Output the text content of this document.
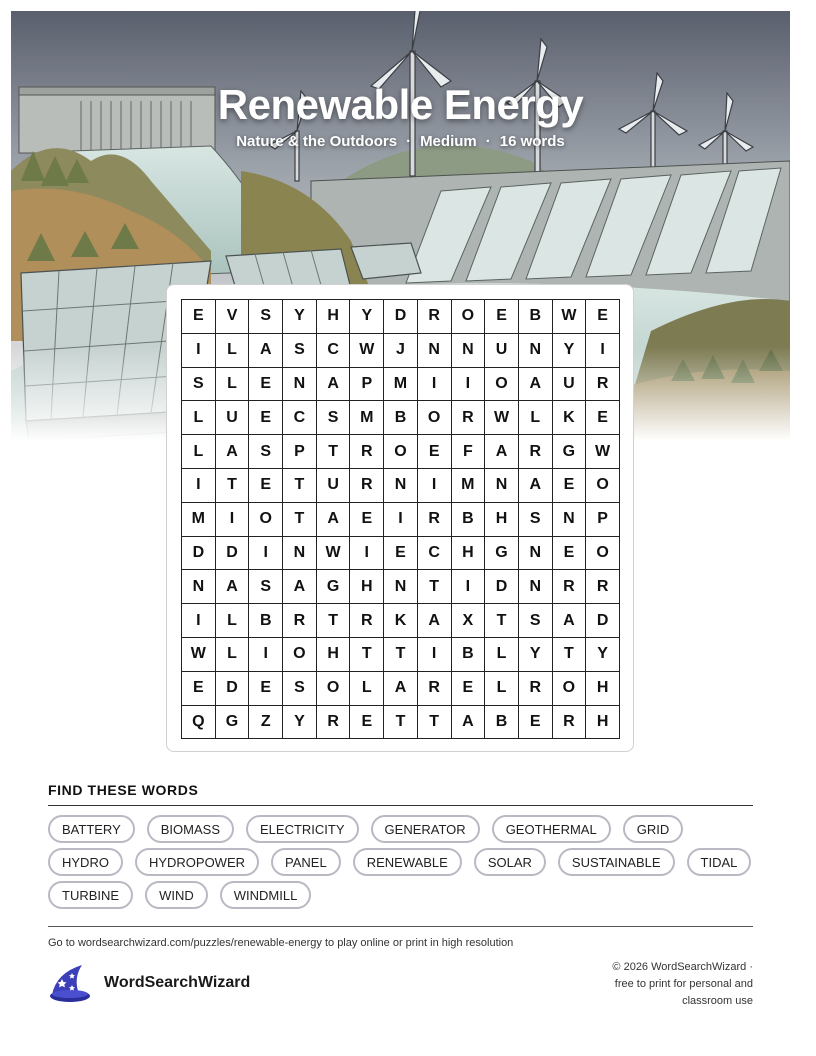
Renewable Energy
Nature & the Outdoors · Medium · 16 words
E	V	S	Y	H	Y	D	R	O	E	B	W	E
I	L	A	S	C	W	J	N	N	U	N	Y	I
S	L	E	N	A	P	M	I	I	O	A	U	R
L	U	E	C	S	M	B	O	R	W	L	K	E
L	A	S	P	T	R	O	E	F	A	R	G	W
I	T	E	T	U	R	N	I	M	N	A	E	O
M	I	O	T	A	E	I	R	B	H	S	N	P
D	D	I	N	W	I	E	C	H	G	N	E	O
N	A	S	A	G	H	N	T	I	D	N	R	R
I	L	B	R	T	R	K	A	X	T	S	A	D
W	L	I	O	H	T	T	I	B	L	Y	T	Y
E	D	E	S	O	L	A	R	E	L	R	O	H
Q	G	Z	Y	R	E	T	T	A	B	E	R	H
FIND THESE WORDS
BATTERY	BIOMASS	ELECTRICITY	GENERATOR	GEOTHERMAL	GRID
HYDRO	HYDROPOWER	PANEL	RENEWABLE	SOLAR	SUSTAINABLE	TIDAL
TURBINE	WIND	WINDMILL
Go to wordsearchwizard.com/puzzles/renewable-energy to play online or print in high resolution
WordSearchWizard
© 2026 WordSearchWizard ·
free to print for personal and
classroom use
